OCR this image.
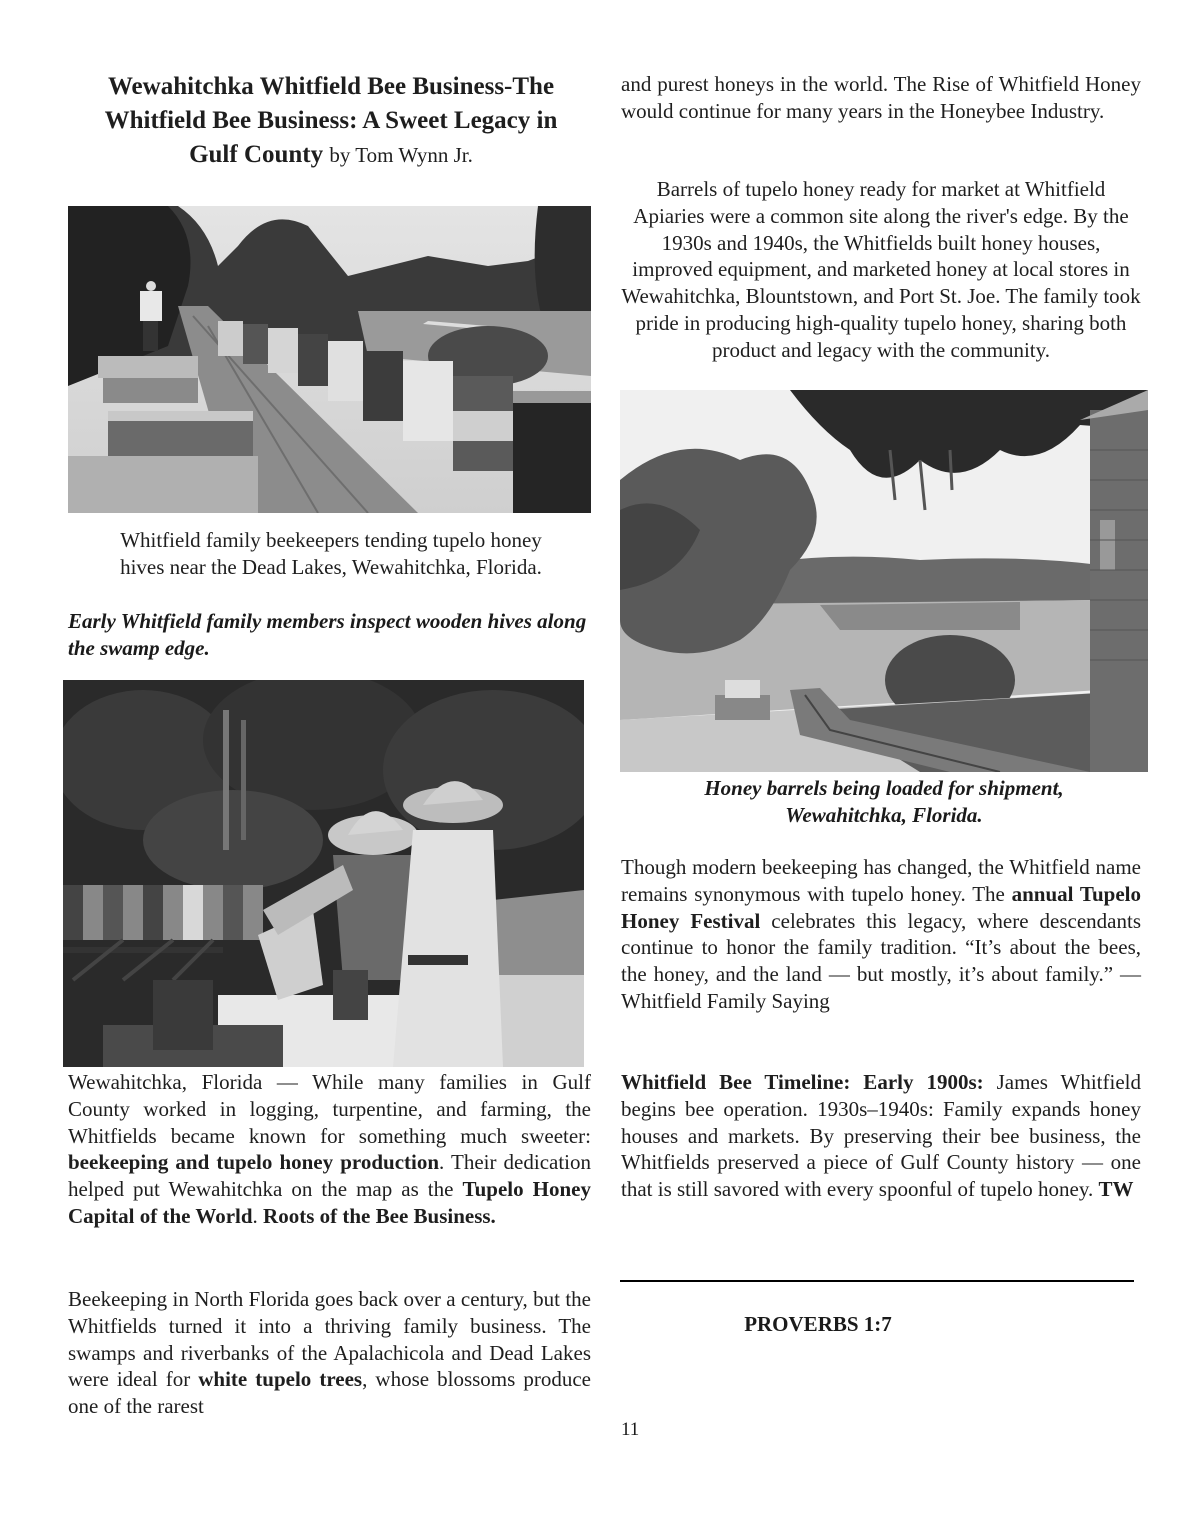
Wewahitchka Whitfield Bee Business-The
Whitfield Bee Business: A Sweet Legacy in
Gulf County by Tom Wynn Jr.
Whitfield family beekeepers tending tupelo honey
hives near the Dead Lakes, Wewahitchka, Florida.
Early Whitfield family members inspect wooden hives along the swamp edge.
Wewahitchka, Florida — While many families in Gulf County worked in logging, turpentine, and farming, the Whitfields became known for something much sweeter: beekeeping and tupelo honey production. Their dedication helped put Wewahitchka on the map as the Tupelo Honey Capital of the World. Roots of the Bee Business.
Beekeeping in North Florida goes back over a century, but the Whitfields turned it into a thriving family business. The swamps and riverbanks of the Apalachicola and Dead Lakes were ideal for white tupelo trees, whose blossoms produce one of the rarest
and purest honeys in the world. The Rise of Whitfield Honey would continue for many years in the Honeybee Industry.
Barrels of tupelo honey ready for market at Whitfield Apiaries were a common site along the river's edge. By the 1930s and 1940s, the Whitfields built honey houses, improved equipment, and marketed honey at local stores in Wewahitchka, Blountstown, and Port St. Joe. The family took pride in producing high-quality tupelo honey, sharing both product and legacy with the community.
Honey barrels being loaded for shipment,
Wewahitchka, Florida.
Though modern beekeeping has changed, the Whitfield name remains synonymous with tupelo honey. The annual Tupelo Honey Festival celebrates this legacy, where descendants continue to honor the family tradition. “It’s about the bees, the honey, and the land — but mostly, it’s about family.” — Whitfield Family Saying
Whitfield Bee Timeline: Early 1900s: James Whitfield begins bee operation. 1930s–1940s: Family expands honey houses and markets. By preserving their bee business, the Whitfields preserved a piece of Gulf County history — one that is still savored with every spoonful of tupelo honey. TW
PROVERBS 1:7
11
